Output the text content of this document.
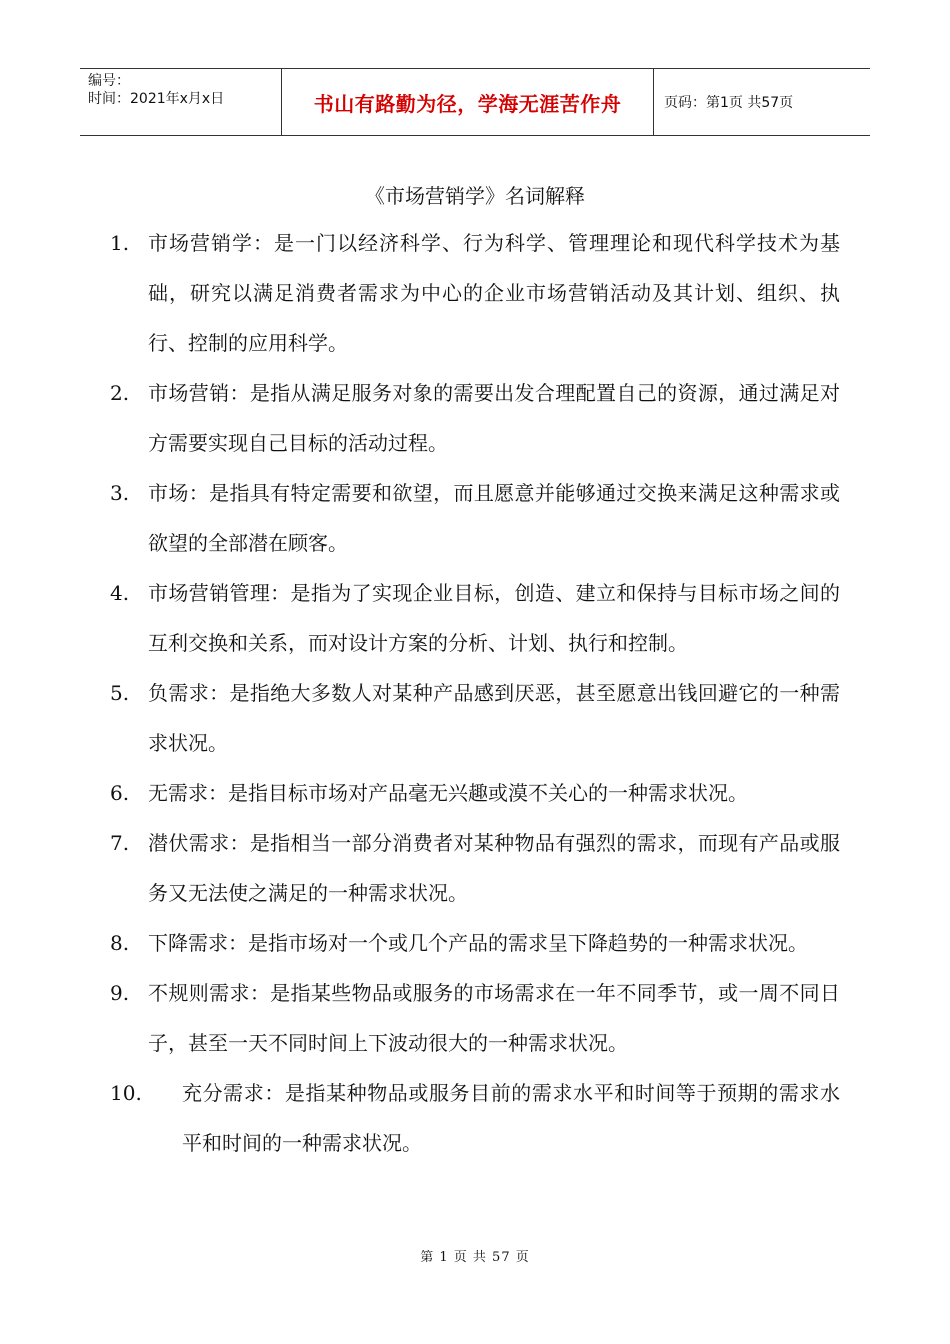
编号：
时间：2021年x月x日	书山有路勤为径，学海无涯苦作舟	页码：第1页 共57页
《市场营销学》名词解释
1. 市场营销学：是一门以经济科学、行为科学、管理理论和现代科学技术为基础，研究以满足消费者需求为中心的企业市场营销活动及其计划、组织、执行、控制的应用科学。
2. 市场营销：是指从满足服务对象的需要出发合理配置自己的资源，通过满足对方需要实现自己目标的活动过程。
3. 市场：是指具有特定需要和欲望，而且愿意并能够通过交换来满足这种需求或欲望的全部潜在顾客。
4. 市场营销管理：是指为了实现企业目标，创造、建立和保持与目标市场之间的互利交换和关系，而对设计方案的分析、计划、执行和控制。
5. 负需求：是指绝大多数人对某种产品感到厌恶，甚至愿意出钱回避它的一种需求状况。
6. 无需求：是指目标市场对产品毫无兴趣或漠不关心的一种需求状况。
7. 潜伏需求：是指相当一部分消费者对某种物品有强烈的需求，而现有产品或服务又无法使之满足的一种需求状况。
8. 下降需求：是指市场对一个或几个产品的需求呈下降趋势的一种需求状况。
9. 不规则需求：是指某些物品或服务的市场需求在一年不同季节，或一周不同日子，甚至一天不同时间上下波动很大的一种需求状况。
10.	充分需求：是指某种物品或服务目前的需求水平和时间等于预期的需求水平和时间的一种需求状况。
第 1 页 共 57 页
